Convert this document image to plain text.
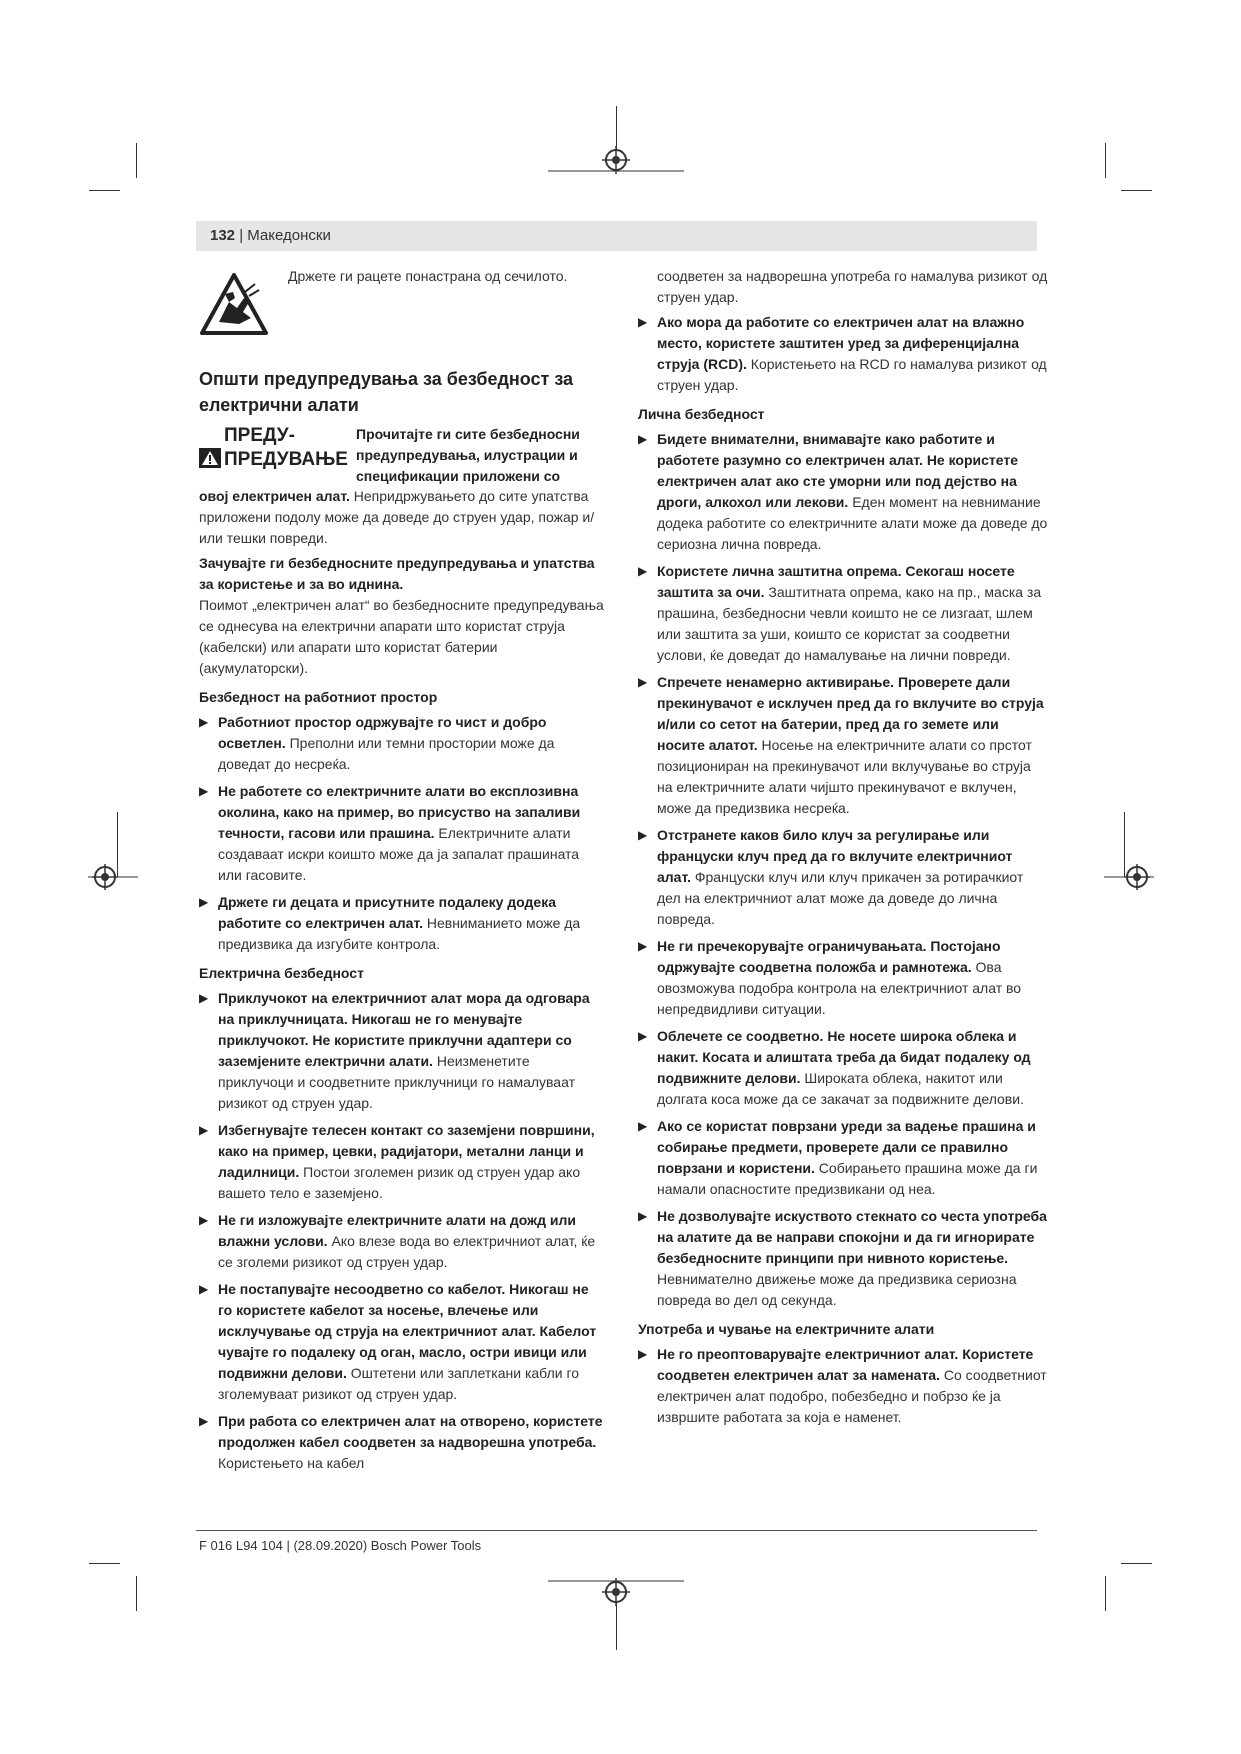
132 | Македонски

Држете ги рацете понастрана од сечилото.

Општи предупредувања за безбедност за електрични алати

ПРЕДУ- ПРЕДУВАЊЕ

Прочитајте ги сите безбедносни предупредувања, илустрации и спецификации приложени со

овој електричен алат. Непридржувањето до сите упатства приложени подолу може да доведе до струен удар, пожар и/или тешки повреди.

Зачувајте ги безбедносните предупредувања и упатства за користење и за во иднина.

Поимот „електричен алат“ во безбедносните предупредувања се однесува на електрични апарати што користат струја (кабелски) или апарати што користат батерии (акумулаторски).

Безбедност на работниот простор

▶ Работниот простор одржувајте го чист и добро осветлен. Преполни или темни простории може да доведат до несреќа.
▶ Не работете со електричните алати во експлозивна околина, како на пример, во присуство на запаливи течности, гасови или прашина. Електричните алати создаваат искри коишто може да ја запалат прашината или гасовите.
▶ Држете ги децата и присутните подалеку додека работите со електричен алат. Невниманието може да предизвика да изгубите контрола.

Електрична безбедност

▶ Приклучокот на електричниот алат мора да одговара на приклучницата. Никогаш не го менувајте приклучокот. Не користите приклучни адаптери со заземјените електрични алати. Неизменетите приклучоци и соодветните приклучници го намалуваат ризикот од струен удар.
▶ Избегнувајте телесен контакт со заземјени површини, како на пример, цевки, радијатори, метални ланци и ладилници. Постои зголемен ризик од струен удар ако вашето тело е заземјено.
▶ Не ги изложувајте електричните алати на дожд или влажни услови. Ако влезе вода во електричниот алат, ќе се зголеми ризикот од струен удар.
▶ Не постапувајте несоодветно со кабелот. Никогаш не го користете кабелот за носење, влечење или исклучување од струја на електричниот алат. Кабелот чувајте го подалеку од оган, масло, остри ивици или подвижни делови. Оштетени или заплеткани кабли го зголемуваат ризикот од струен удар.
▶ При работа со електричен алат на отворено, користете продолжен кабел соодветен за надворешна употреба. Користењето на кабел

соодветен за надворешна употреба го намалува ризикот од струен удар.

▶ Ако мора да работите со електричен алат на влажно место, користете заштитен уред за диференцијална струја (RCD). Користењето на RCD го намалува ризикот од струен удар.

Лична безбедност

▶ Бидете внимателни, внимавајте како работите и работете разумно со електричен алат. Не користете електричен алат ако сте уморни или под дејство на дроги, алкохол или лекови. Еден момент на невнимание додека работите со електричните алати може да доведе до сериозна лична повреда.
▶ Користете лична заштитна опрема. Секогаш носете заштита за очи. Заштитната опрема, како на пр., маска за прашина, безбедносни чевли коишто не се лизгаат, шлем или заштита за уши, коишто се користат за соодветни услови, ќе доведат до намалување на лични повреди.
▶ Спречете ненамерно активирање. Проверете дали прекинувачот е исклучен пред да го вклучите во струја и/или со сетот на батерии, пред да го земете или носите алатот. Носење на електричните алати со прстот позициониран на прекинувачот или вклучување во струја на електричните алати чијшто прекинувачот е вклучен, може да предизвика несреќа.
▶ Отстранете каков било клуч за регулирање или француски клуч пред да го вклучите електричниот алат. Француски клуч или клуч прикачен за ротирачкиот дел на електричниот алат може да доведе до лична повреда.
▶ Не ги пречекорувајте ограничувањата. Постојано одржувајте соодветна положба и рамнотежа. Ова овозможува подобра контрола на електричниот алат во непредвидливи ситуации.
▶ Облечете се соодветно. Не носете широка облека и накит. Косата и алиштата треба да бидат подалеку од подвижните делови. Широката облека, накитот или долгата коса може да се закачат за подвижните делови.
▶ Ако се користат поврзани уреди за вадење прашина и собирање предмети, проверете дали се правилно поврзани и користени. Собирањето прашина може да ги намали опасностите предизвикани од неа.
▶ Не дозволувајте искуството стекнато со честа употреба на алатите да ве направи спокојни и да ги игнорирате безбедносните принципи при нивното користење. Невнимателно движење може да предизвика сериозна повреда во дел од секунда.

Употреба и чување на електричните алати

▶ Не го преоптоварувајте електричниот алат. Користете соодветен електричен алат за намената. Со соодветниот електричен алат подобро, побезбедно и побрзо ќе ја извршите работата за која е наменет.
F 016 L94 104 | (28.09.2020) Bosch Power Tools
